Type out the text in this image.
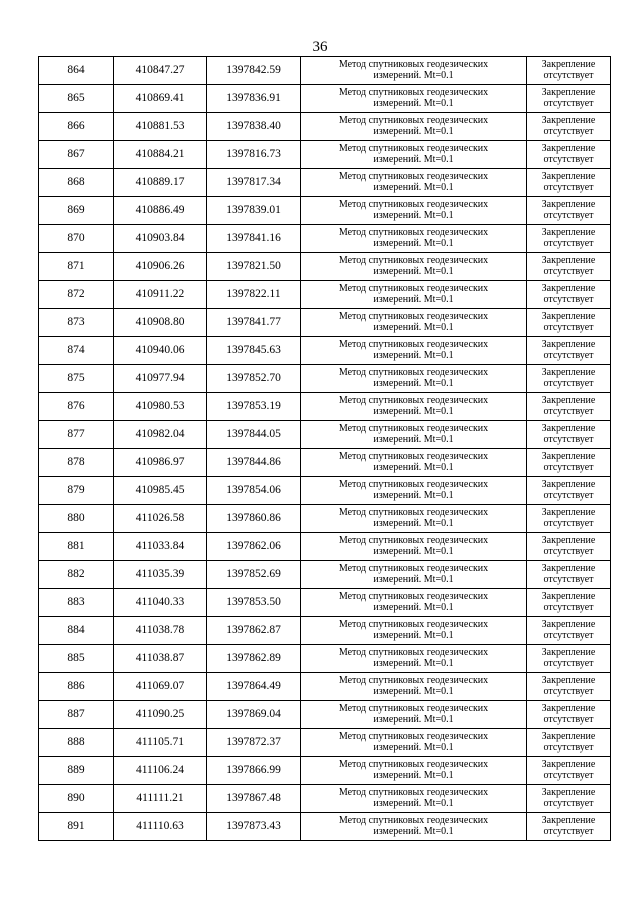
36
864	410847.27	1397842.59	Метод спутниковых геодезических
измерений. Mt=0.1	Закрепление
отсутствует

865	410869.41	1397836.91	Метод спутниковых геодезических
измерений. Mt=0.1	Закрепление
отсутствует

866	410881.53	1397838.40	Метод спутниковых геодезических
измерений. Mt=0.1	Закрепление
отсутствует

867	410884.21	1397816.73	Метод спутниковых геодезических
измерений. Mt=0.1	Закрепление
отсутствует

868	410889.17	1397817.34	Метод спутниковых геодезических
измерений. Mt=0.1	Закрепление
отсутствует

869	410886.49	1397839.01	Метод спутниковых геодезических
измерений. Mt=0.1	Закрепление
отсутствует

870	410903.84	1397841.16	Метод спутниковых геодезических
измерений. Mt=0.1	Закрепление
отсутствует

871	410906.26	1397821.50	Метод спутниковых геодезических
измерений. Mt=0.1	Закрепление
отсутствует

872	410911.22	1397822.11	Метод спутниковых геодезических
измерений. Mt=0.1	Закрепление
отсутствует

873	410908.80	1397841.77	Метод спутниковых геодезических
измерений. Mt=0.1	Закрепление
отсутствует

874	410940.06	1397845.63	Метод спутниковых геодезических
измерений. Mt=0.1	Закрепление
отсутствует

875	410977.94	1397852.70	Метод спутниковых геодезических
измерений. Mt=0.1	Закрепление
отсутствует

876	410980.53	1397853.19	Метод спутниковых геодезических
измерений. Mt=0.1	Закрепление
отсутствует

877	410982.04	1397844.05	Метод спутниковых геодезических
измерений. Mt=0.1	Закрепление
отсутствует

878	410986.97	1397844.86	Метод спутниковых геодезических
измерений. Mt=0.1	Закрепление
отсутствует

879	410985.45	1397854.06	Метод спутниковых геодезических
измерений. Mt=0.1	Закрепление
отсутствует

880	411026.58	1397860.86	Метод спутниковых геодезических
измерений. Mt=0.1	Закрепление
отсутствует

881	411033.84	1397862.06	Метод спутниковых геодезических
измерений. Mt=0.1	Закрепление
отсутствует

882	411035.39	1397852.69	Метод спутниковых геодезических
измерений. Mt=0.1	Закрепление
отсутствует

883	411040.33	1397853.50	Метод спутниковых геодезических
измерений. Mt=0.1	Закрепление
отсутствует

884	411038.78	1397862.87	Метод спутниковых геодезических
измерений. Mt=0.1	Закрепление
отсутствует

885	411038.87	1397862.89	Метод спутниковых геодезических
измерений. Mt=0.1	Закрепление
отсутствует

886	411069.07	1397864.49	Метод спутниковых геодезических
измерений. Mt=0.1	Закрепление
отсутствует

887	411090.25	1397869.04	Метод спутниковых геодезических
измерений. Mt=0.1	Закрепление
отсутствует

888	411105.71	1397872.37	Метод спутниковых геодезических
измерений. Mt=0.1	Закрепление
отсутствует

889	411106.24	1397866.99	Метод спутниковых геодезических
измерений. Mt=0.1	Закрепление
отсутствует

890	411111.21	1397867.48	Метод спутниковых геодезических
измерений. Mt=0.1	Закрепление
отсутствует

891	411110.63	1397873.43	Метод спутниковых геодезических
измерений. Mt=0.1	Закрепление
отсутствует
